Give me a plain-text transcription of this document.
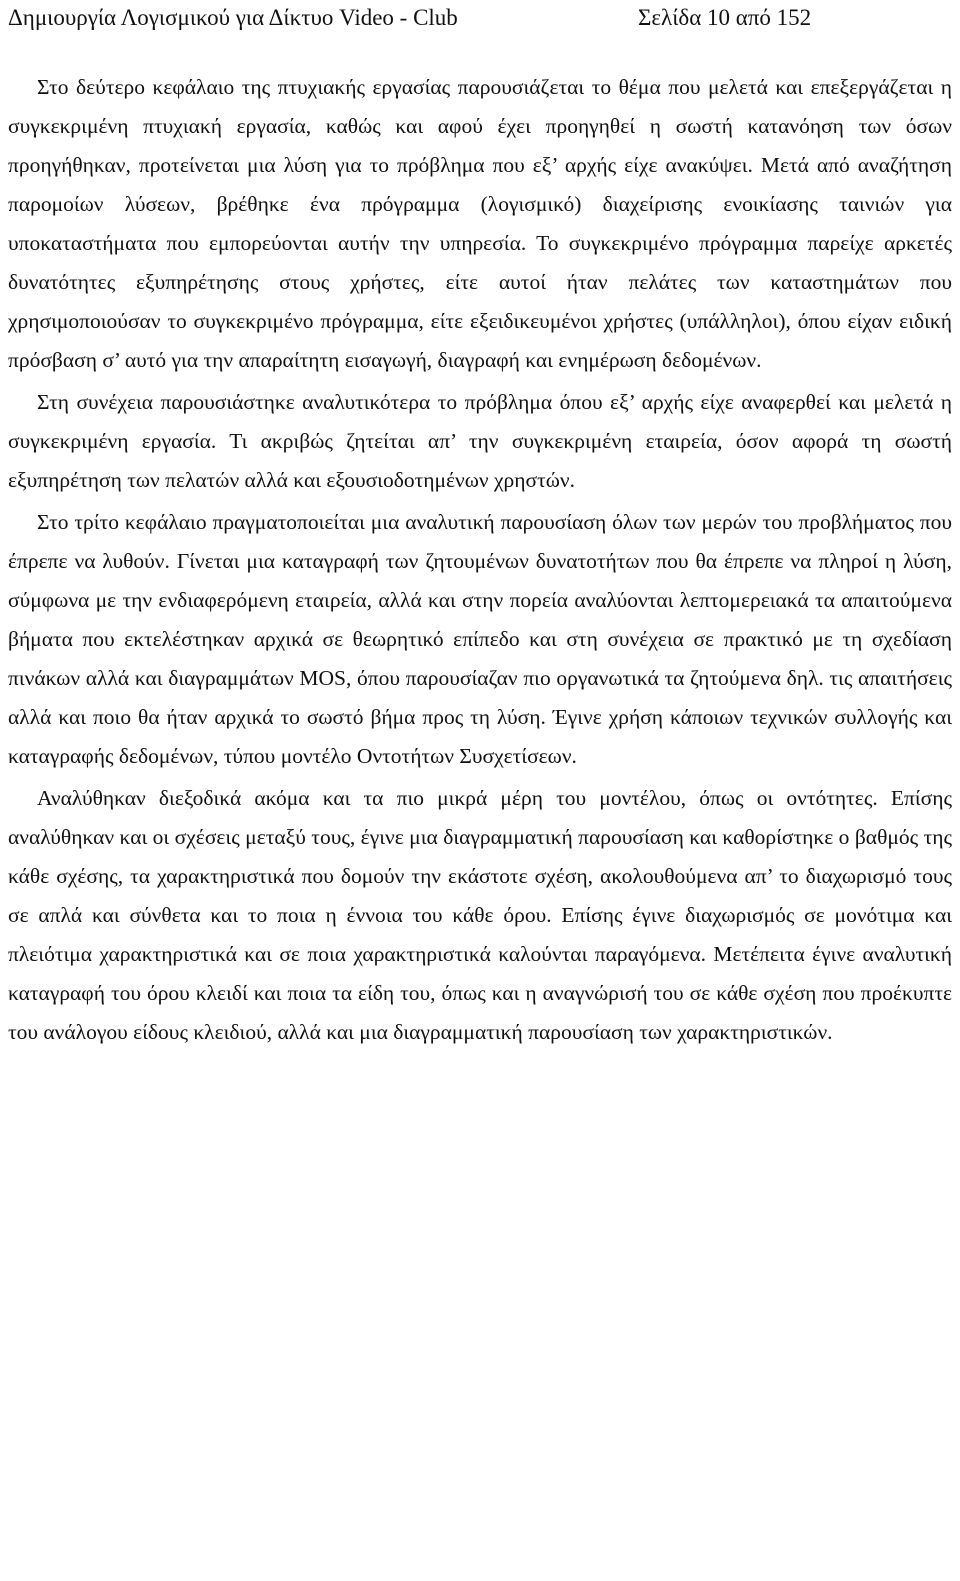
Δημιουργία Λογισμικού για Δίκτυο Video - Club	Σελίδα 10 από 152

Στο δεύτερο κεφάλαιο της πτυχιακής εργασίας παρουσιάζεται το θέμα που μελετά και επεξεργάζεται η συγκεκριμένη πτυχιακή εργασία, καθώς και αφού έχει προηγηθεί η σωστή κατανόηση των όσων προηγήθηκαν, προτείνεται μια λύση για το πρόβλημα που εξ’ αρχής είχε ανακύψει. Μετά από αναζήτηση παρομοίων λύσεων, βρέθηκε ένα πρόγραμμα (λογισμικό) διαχείρισης ενοικίασης ταινιών για υποκαταστήματα που εμπορεύονται αυτήν την υπηρεσία. Το συγκεκριμένο πρόγραμμα παρείχε αρκετές δυνατότητες εξυπηρέτησης στους χρήστες, είτε αυτοί ήταν πελάτες των καταστημάτων που χρησιμοποιούσαν το συγκεκριμένο πρόγραμμα, είτε εξειδικευμένοι χρήστες (υπάλληλοι), όπου είχαν ειδική πρόσβαση σ’ αυτό για την απαραίτητη εισαγωγή, διαγραφή και ενημέρωση δεδομένων.

Στη συνέχεια παρουσιάστηκε αναλυτικότερα το πρόβλημα όπου εξ’ αρχής είχε αναφερθεί και μελετά η συγκεκριμένη εργασία. Τι ακριβώς ζητείται απ’ την συγκεκριμένη εταιρεία, όσον αφορά τη σωστή εξυπηρέτηση των πελατών αλλά και εξουσιοδοτημένων χρηστών.

Στο τρίτο κεφάλαιο πραγματοποιείται μια αναλυτική παρουσίαση όλων των μερών του προβλήματος που έπρεπε να λυθούν. Γίνεται μια καταγραφή των ζητουμένων δυνατοτήτων που θα έπρεπε να πληροί η λύση, σύμφωνα με την ενδιαφερόμενη εταιρεία, αλλά και στην πορεία αναλύονται λεπτομερειακά τα απαιτούμενα βήματα που εκτελέστηκαν αρχικά σε θεωρητικό επίπεδο και στη συνέχεια σε πρακτικό με τη σχεδίαση πινάκων αλλά και διαγραμμάτων MOS, όπου παρουσίαζαν πιο οργανωτικά τα ζητούμενα δηλ. τις απαιτήσεις αλλά και ποιο θα ήταν αρχικά το σωστό βήμα προς τη λύση. Έγινε χρήση κάποιων τεχνικών συλλογής και καταγραφής δεδομένων, τύπου μοντέλο Οντοτήτων Συσχετίσεων.

Αναλύθηκαν διεξοδικά ακόμα και τα πιο μικρά μέρη του μοντέλου, όπως οι οντότητες. Επίσης αναλύθηκαν και οι σχέσεις μεταξύ τους, έγινε μια διαγραμματική παρουσίαση και καθορίστηκε ο βαθμός της κάθε σχέσης, τα χαρακτηριστικά που δομούν την εκάστοτε σχέση, ακολουθούμενα απ’ το διαχωρισμό τους σε απλά και σύνθετα και το ποια η έννοια του κάθε όρου. Επίσης έγινε διαχωρισμός σε μονότιμα και πλειότιμα χαρακτηριστικά και σε ποια χαρακτηριστικά καλούνται παραγόμενα. Μετέπειτα έγινε αναλυτική καταγραφή του όρου κλειδί και ποια τα είδη του, όπως και η αναγνώρισή του σε κάθε σχέση που προέκυπτε του ανάλογου είδους κλειδιού, αλλά και μια διαγραμματική παρουσίαση των χαρακτηριστικών.
